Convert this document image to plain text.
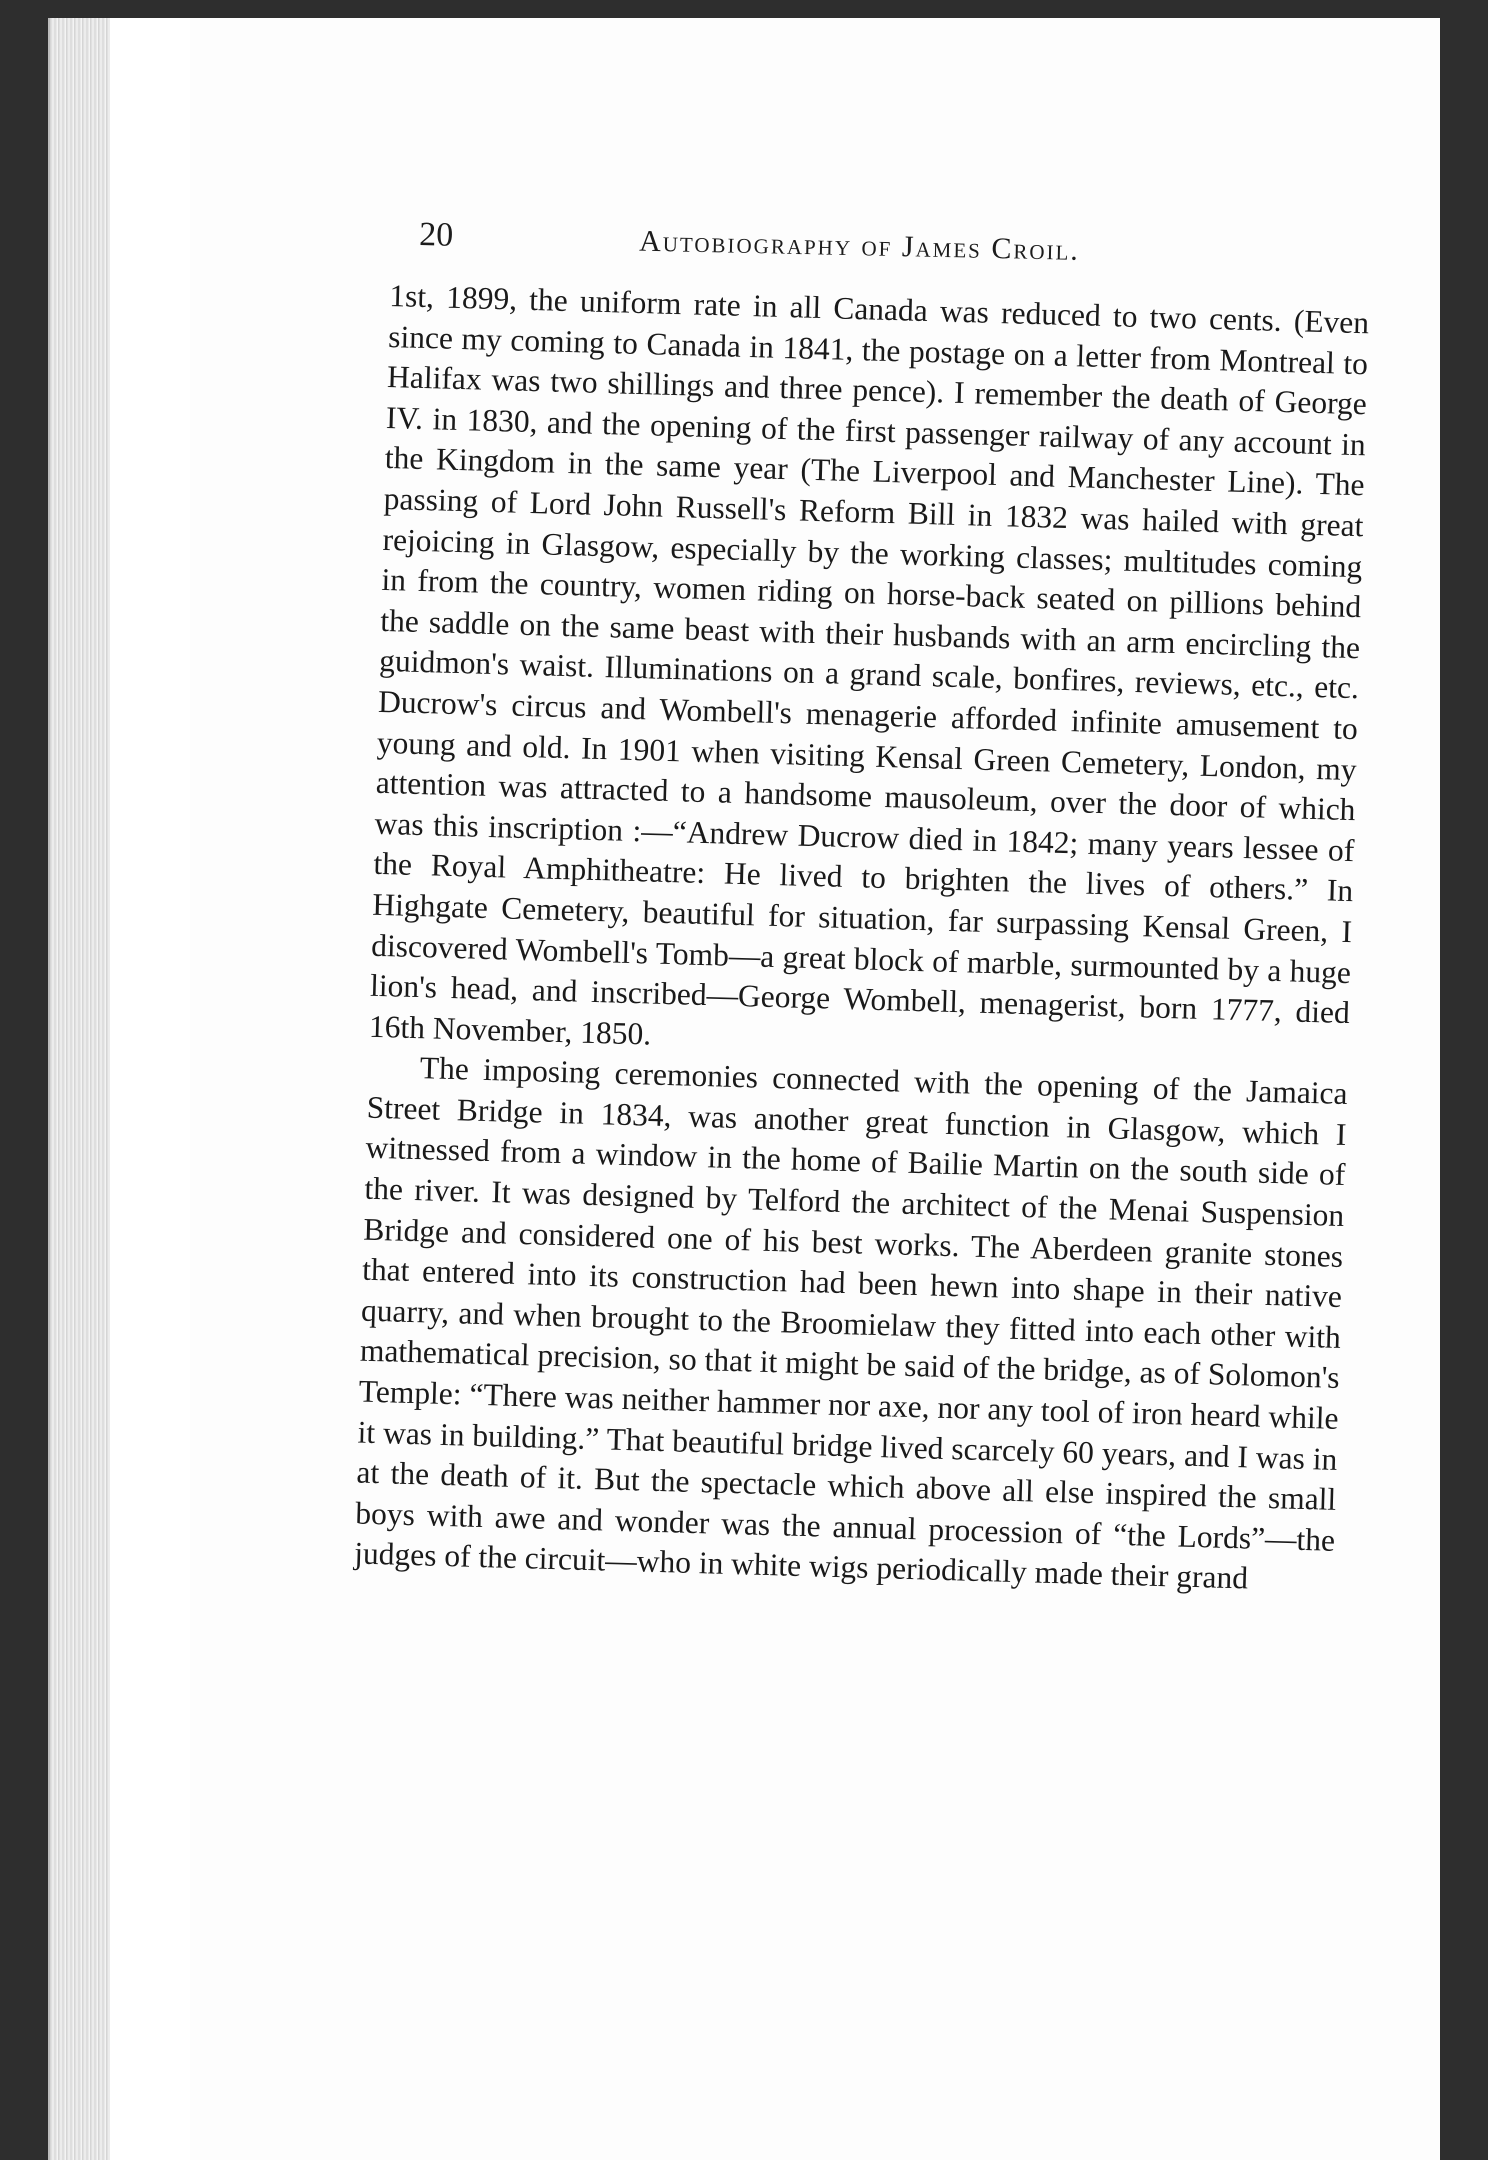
20	Autobiography of James Croil.

1st, 1899, the uniform rate in all Canada was reduced to two cents. (Even since my coming to Canada in 1841, the postage on a letter from Montreal to Halifax was two shillings and three pence). I remember the death of George IV. in 1830, and the opening of the first passenger railway of any account in the Kingdom in the same year (The Liverpool and Manchester Line). The passing of Lord John Russell's Reform Bill in 1832 was hailed with great rejoicing in Glasgow, especially by the working classes; multitudes coming in from the country, women riding on horse-back seated on pillions behind the saddle on the same beast with their husbands with an arm encircling the guidmon's waist. Illuminations on a grand scale, bonfires, reviews, etc., etc. Ducrow's circus and Wombell's menagerie afforded infinite amusement to young and old. In 1901 when visiting Kensal Green Cemetery, London, my attention was attracted to a handsome mausoleum, over the door of which was this inscription :—“Andrew Ducrow died in 1842; many years lessee of the Royal Amphitheatre: He lived to brighten the lives of others.” In Highgate Cemetery, beautiful for situation, far surpassing Kensal Green, I discovered Wombell's Tomb—a great block of marble, surmounted by a huge lion's head, and inscribed—George Wombell, menagerist, born 1777, died 16th November, 1850.

The imposing ceremonies connected with the opening of the Jamaica Street Bridge in 1834, was another great function in Glasgow, which I witnessed from a window in the home of Bailie Martin on the south side of the river. It was designed by Telford the architect of the Menai Suspension Bridge and considered one of his best works. The Aberdeen granite stones that entered into its construction had been hewn into shape in their native quarry, and when brought to the Broomielaw they fitted into each other with mathematical precision, so that it might be said of the bridge, as of Solomon's Temple: “There was neither hammer nor axe, nor any tool of iron heard while it was in building.” That beautiful bridge lived scarcely 60 years, and I was in at the death of it. But the spectacle which above all else inspired the small boys with awe and wonder was the annual procession of “the Lords”—the judges of the circuit—who in white wigs periodically made their grand
